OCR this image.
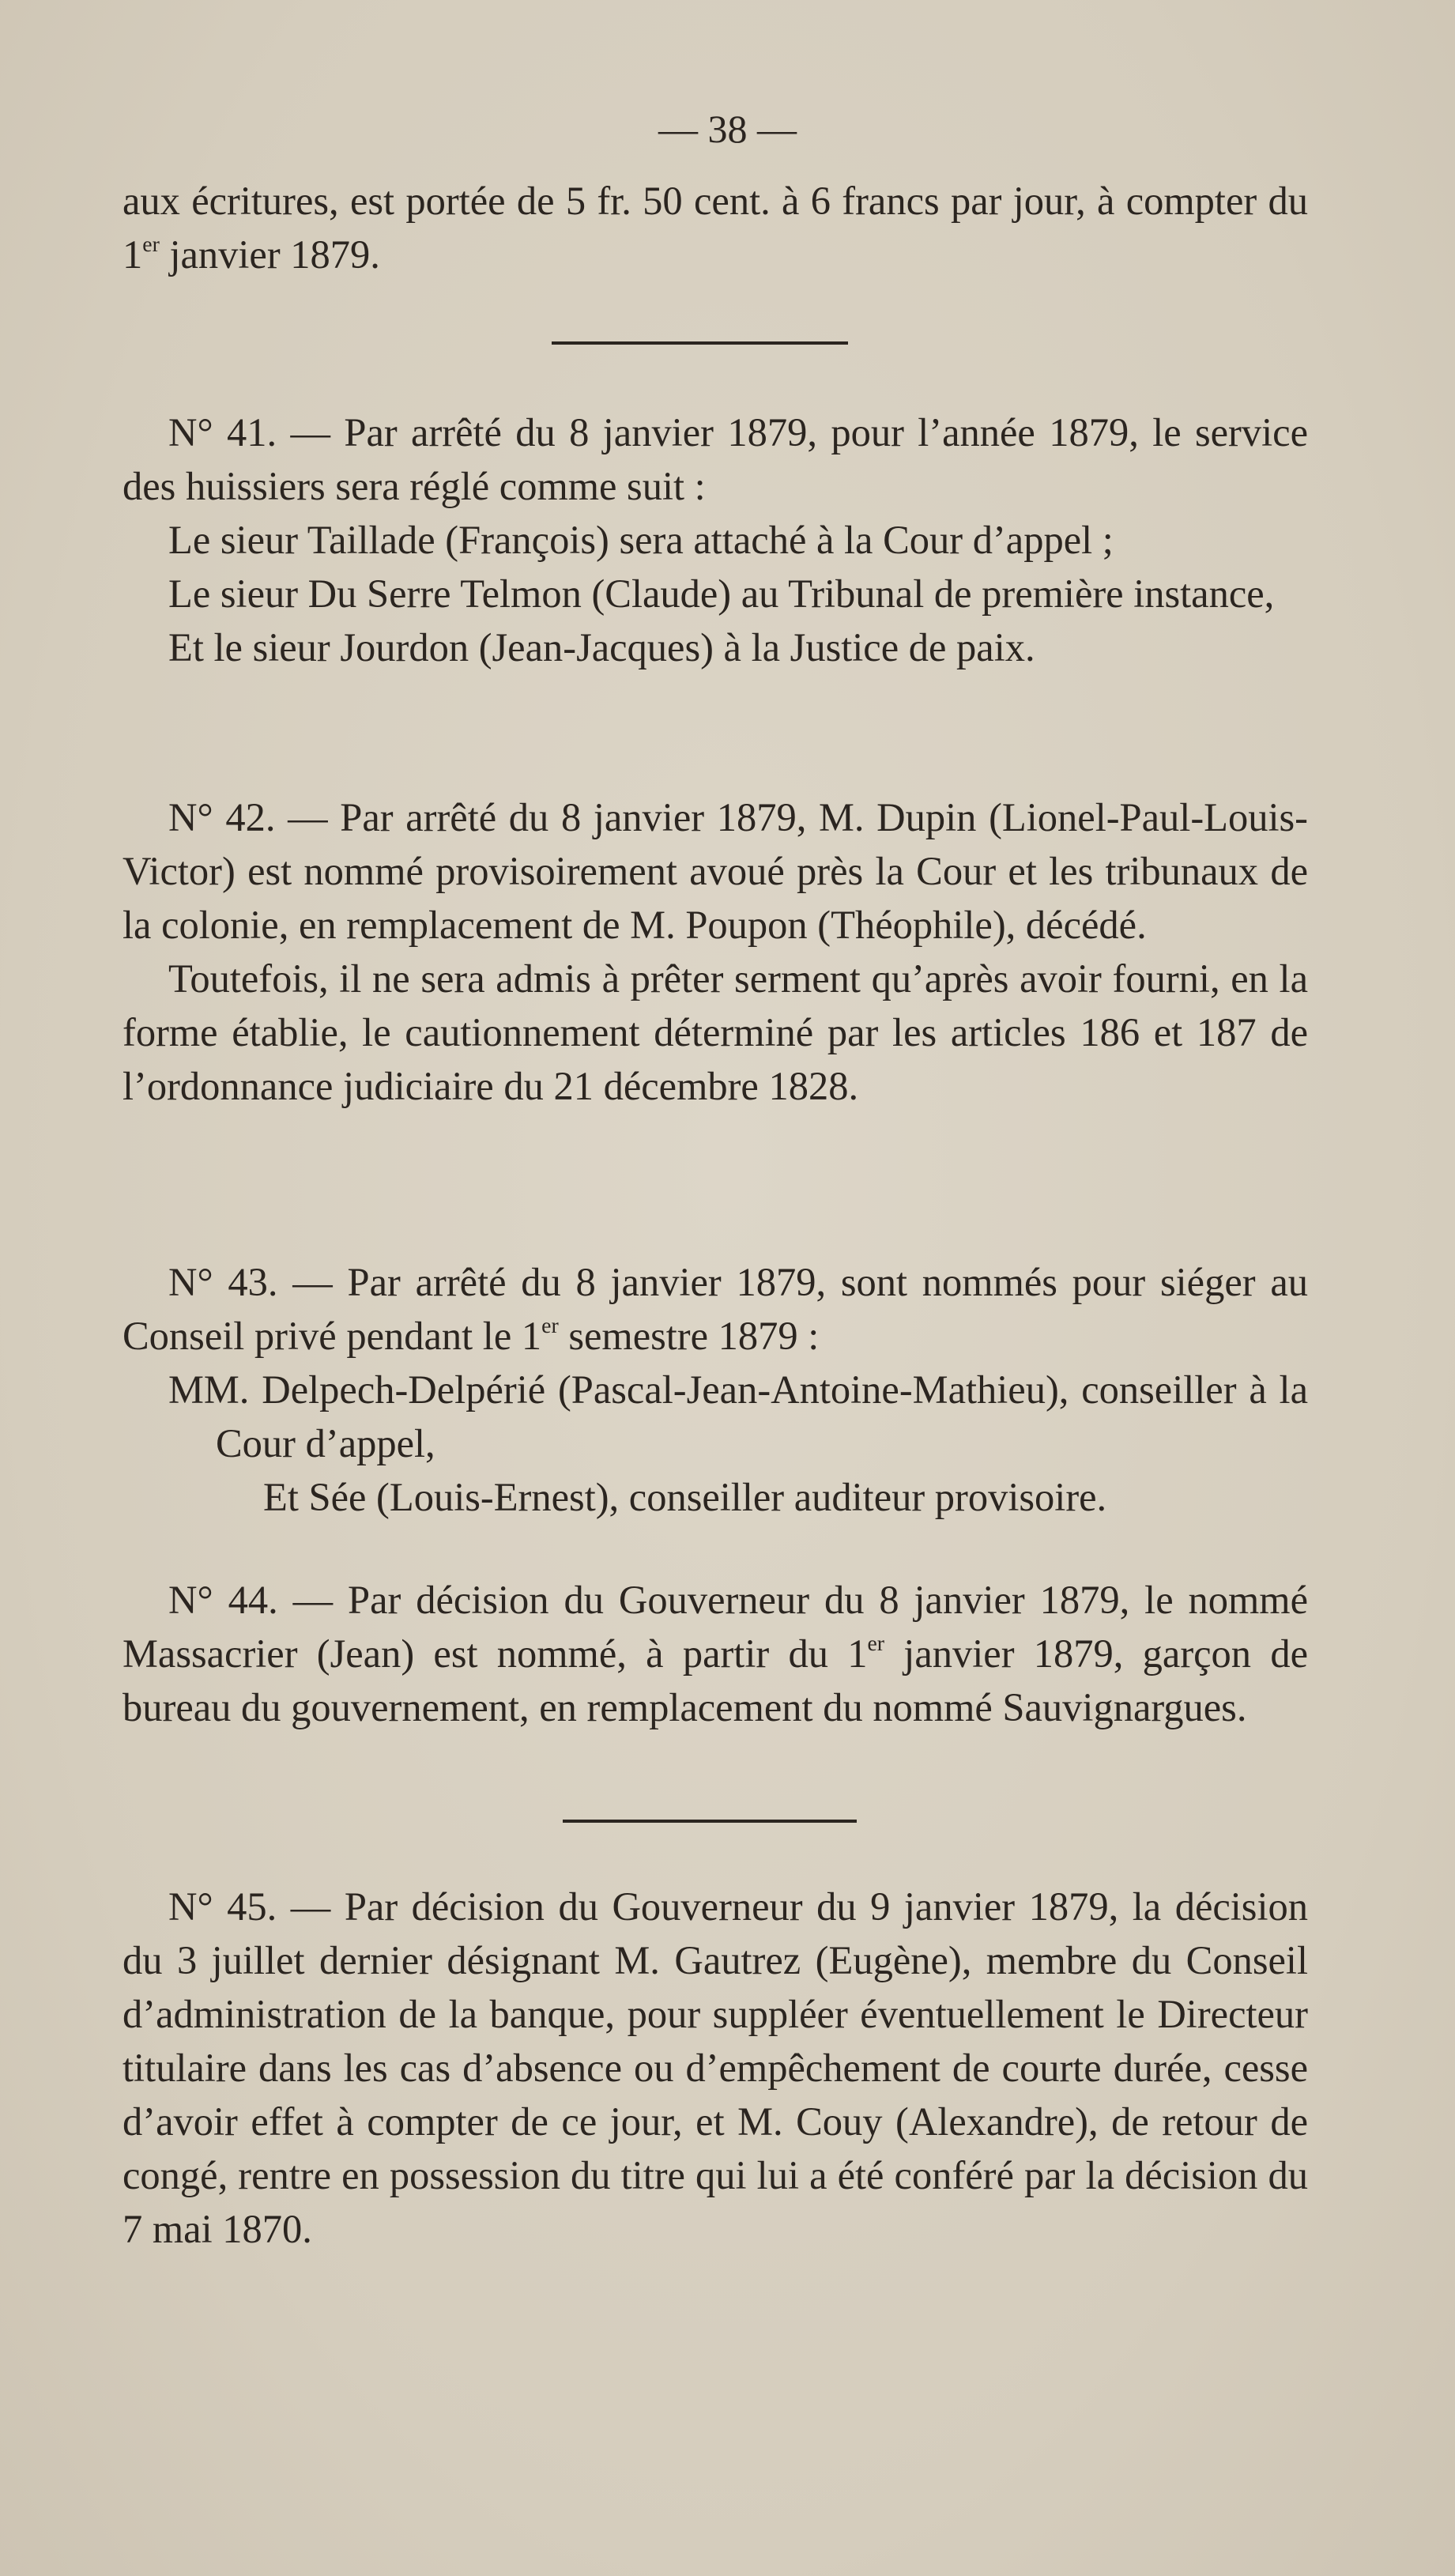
— 38 —

aux écritures, est portée de 5 fr. 50 cent. à 6 francs par jour, à compter du 1er janvier 1879.

N° 41. — Par arrêté du 8 janvier 1879, pour l’année 1879, le service des huissiers sera réglé comme suit :

Le sieur Taillade (François) sera attaché à la Cour d’appel ;

Le sieur Du Serre Telmon (Claude) au Tribunal de première instance,

Et le sieur Jourdon (Jean-Jacques) à la Justice de paix.

N° 42. — Par arrêté du 8 janvier 1879, M. Dupin (Lionel-Paul-Louis-Victor) est nommé provisoirement avoué près la Cour et les tribunaux de la colonie, en remplacement de M. Poupon (Théophile), décédé.

Toutefois, il ne sera admis à prêter serment qu’après avoir fourni, en la forme établie, le cautionnement déterminé par les articles 186 et 187 de l’ordonnance judiciaire du 21 décembre 1828.

N° 43. — Par arrêté du 8 janvier 1879, sont nommés pour siéger au Conseil privé pendant le 1er semestre 1879 :

MM. Delpech-Delpérié (Pascal-Jean-Antoine-Mathieu), conseiller à la Cour d’appel,

Et Sée (Louis-Ernest), conseiller auditeur provisoire.

N° 44. — Par décision du Gouverneur du 8 janvier 1879, le nommé Massacrier (Jean) est nommé, à partir du 1er janvier 1879, garçon de bureau du gouvernement, en remplacement du nommé Sauvignargues.

N° 45. — Par décision du Gouverneur du 9 janvier 1879, la décision du 3 juillet dernier désignant M. Gautrez (Eugène), membre du Conseil d’administration de la banque, pour suppléer éventuellement le Directeur titulaire dans les cas d’absence ou d’empêchement de courte durée, cesse d’avoir effet à compter de ce jour, et M. Couy (Alexandre), de retour de congé, rentre en possession du titre qui lui a été conféré par la décision du 7 mai 1870.
